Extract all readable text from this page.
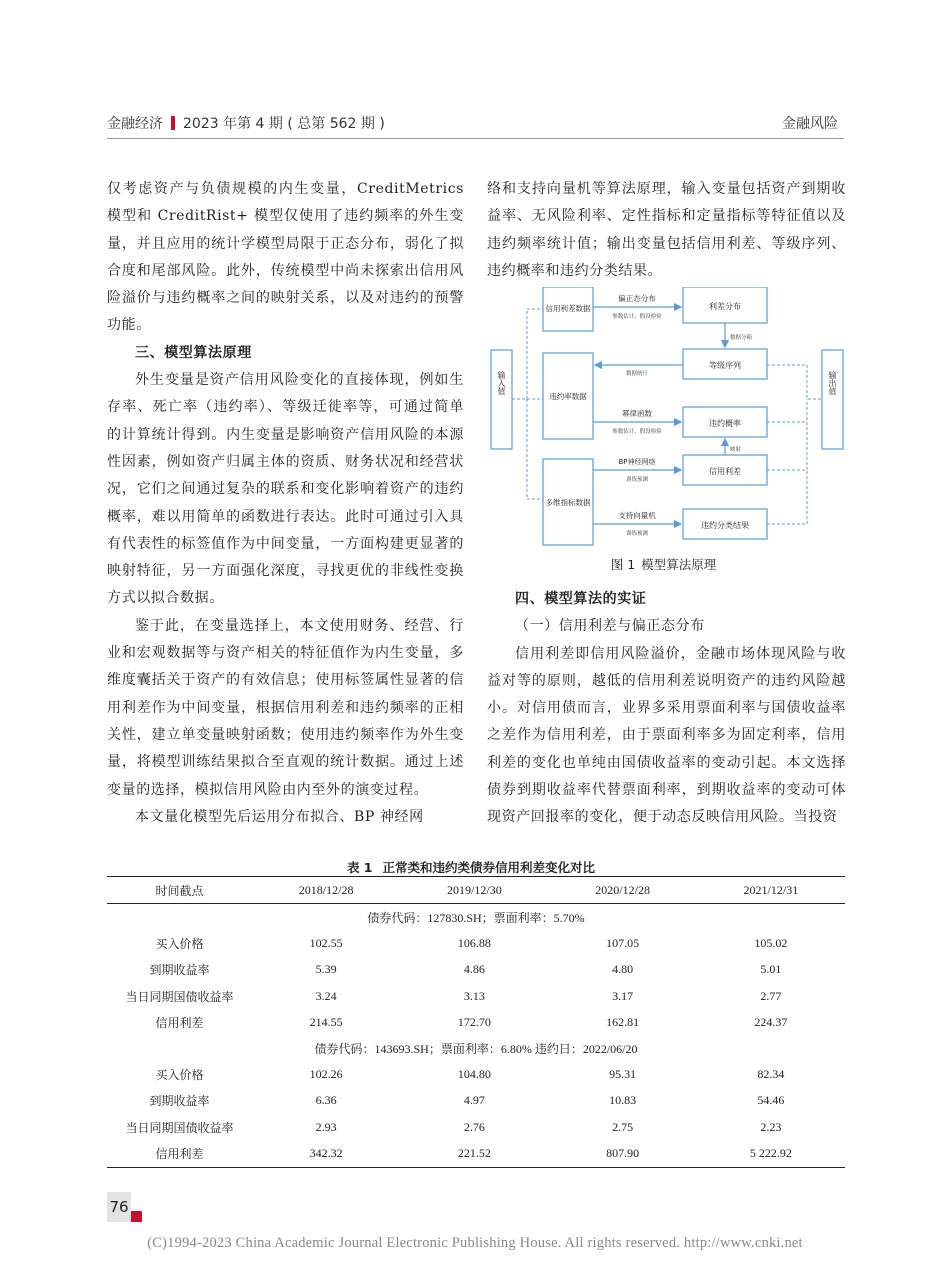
金融经济 2023 年第 4 期 ( 总第 562 期 )	金融风险

仅考虑资产与负债规模的内生变量，CreditMetrics 模型和 CreditRist+ 模型仅使用了违约频率的外生变量，并且应用的统计学模型局限于正态分布，弱化了拟合度和尾部风险。此外，传统模型中尚未探索出信用风险溢价与违约概率之间的映射关系，以及对违约的预警功能。

三、模型算法原理

外生变量是资产信用风险变化的直接体现，例如生存率、死亡率（违约率）、等级迁徙率等，可通过简单的计算统计得到。内生变量是影响资产信用风险的本源性因素，例如资产归属主体的资质、财务状况和经营状况，它们之间通过复杂的联系和变化影响着资产的违约概率，难以用简单的函数进行表达。此时可通过引入具有代表性的标签值作为中间变量，一方面构建更显著的映射特征，另一方面强化深度，寻找更优的非线性变换方式以拟合数据。

鉴于此，在变量选择上，本文使用财务、经营、行业和宏观数据等与资产相关的特征值作为内生变量，多维度囊括关于资产的有效信息；使用标签属性显著的信用利差作为中间变量，根据信用利差和违约频率的正相关性，建立单变量映射函数；使用违约频率作为外生变量，将模型训练结果拟合至直观的统计数据。通过上述变量的选择，模拟信用风险由内至外的演变过程。

本文量化模型先后运用分布拟合、BP 神经网

络和支持向量机等算法原理，输入变量包括资产到期收益率、无风险利率、定性指标和定量指标等特征值以及违约频率统计值；输出变量包括信用利差、等级序列、违约概率和违约分类结果。

输入值	输出值
信用利差数据
违约率数据
多维指标数据
利差分布
等级序列
违约概率
信用利差
违约分类结果
偏正态分布
参数估计、假设检验
数据分箱
数据统计
幂律函数
参数估计、假设检验
映射
BP神经网络
训练预测
支持向量机
训练预测
图 1 模型算法原理

四、模型算法的实证

（一）信用利差与偏正态分布

信用利差即信用风险溢价，金融市场体现风险与收益对等的原则，越低的信用利差说明资产的违约风险越小。对信用债而言，业界多采用票面利率与国债收益率之差作为信用利差，由于票面利率多为固定利率，信用利差的变化也单纯由国债收益率的变动引起。本文选择债券到期收益率代替票面利率，到期收益率的变动可体现资产回报率的变化，便于动态反映信用风险。当投资

表 1 正常类和违约类债券信用利差变化对比
时间截点	2018/12/28	2019/12/30	2020/12/28	2021/12/31
债券代码：127830.SH；票面利率：5.70%				
买入价格	102.55	106.88	107.05	105.02
到期收益率	5.39	4.86	4.80	5.01
当日同期国债收益率	3.24	3.13	3.17	2.77
信用利差	214.55	172.70	162.81	224.37
债券代码：143693.SH；票面利率：6.80% 违约日：2022/06/20				
买入价格	102.26	104.80	95.31	82.34
到期收益率	6.36	4.97	10.83	54.46
当日同期国债收益率	2.93	2.76	2.75	2.23
信用利差	342.32	221.52	807.90	5 222.92
76
(C)1994-2023 China Academic Journal Electronic Publishing House. All rights reserved. http://www.cnki.net
